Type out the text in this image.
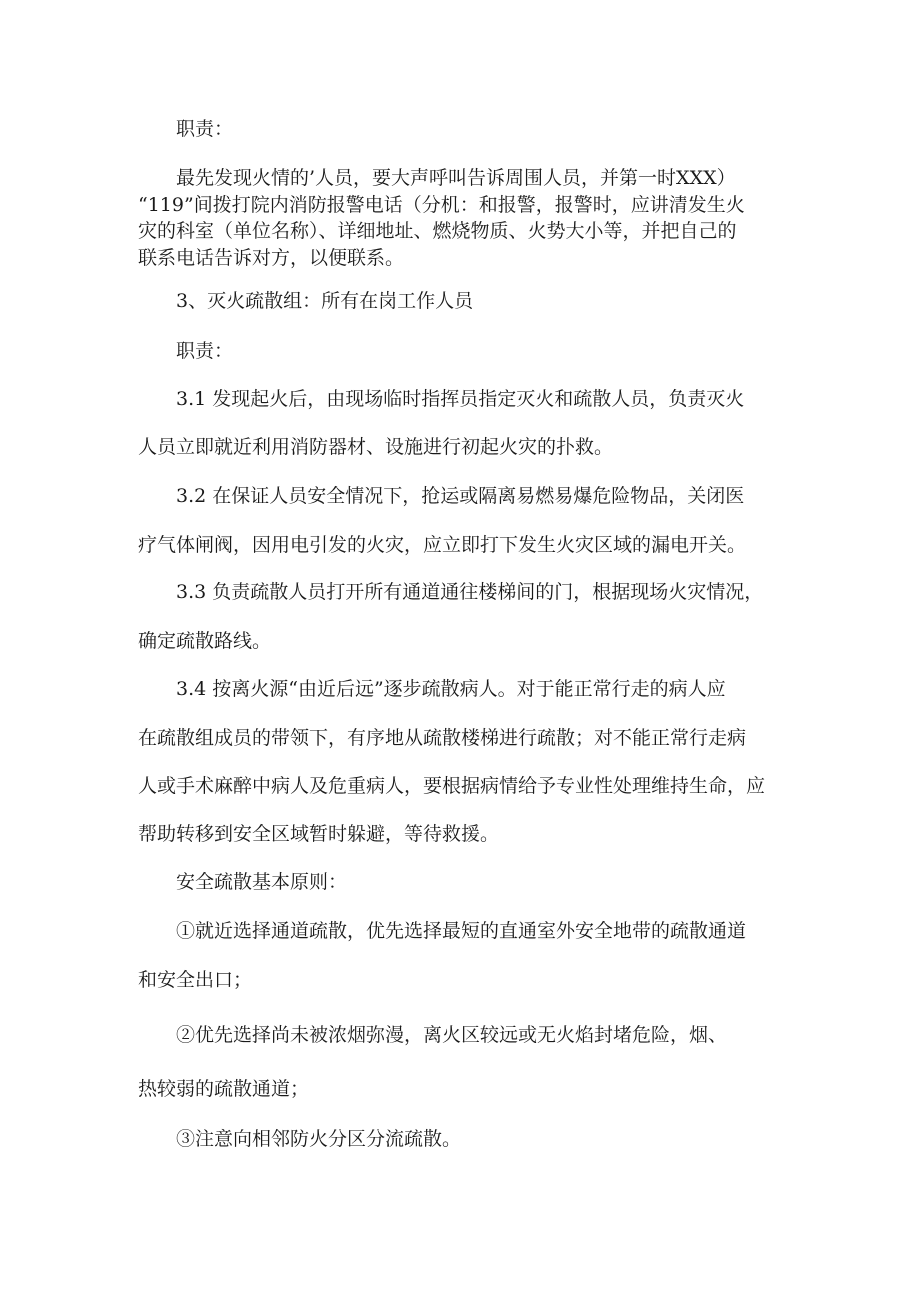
职责：
最先发现火情的’人员，要大声呼叫告诉周围人员，并第一时XXX）
“119”间拨打院内消防报警电话（分机：和报警，报警时，应讲清发生火
灾的科室（单位名称）、详细地址、燃烧物质、火势大小等，并把自己的
联系电话告诉对方，以便联系。
3、灭火疏散组：所有在岗工作人员
职责：
3.1 发现起火后，由现场临时指挥员指定灭火和疏散人员，负责灭火
人员立即就近利用消防器材、设施进行初起火灾的扑救。
3.2 在保证人员安全情况下，抢运或隔离易燃易爆危险物品，关闭医
疗气体闸阀，因用电引发的火灾，应立即打下发生火灾区域的漏电开关。
3.3 负责疏散人员打开所有通道通往楼梯间的门，根据现场火灾情况，
确定疏散路线。
3.4 按离火源“由近后远”逐步疏散病人。对于能正常行走的病人应
在疏散组成员的带领下，有序地从疏散楼梯进行疏散；对不能正常行走病
人或手术麻醉中病人及危重病人，要根据病情给予专业性处理维持生命，应
帮助转移到安全区域暂时躲避，等待救援。
安全疏散基本原则：
①就近选择通道疏散，优先选择最短的直通室外安全地带的疏散通道
和安全出口；
②优先选择尚未被浓烟弥漫，离火区较远或无火焰封堵危险，烟、
热较弱的疏散通道；
③注意向相邻防火分区分流疏散。
